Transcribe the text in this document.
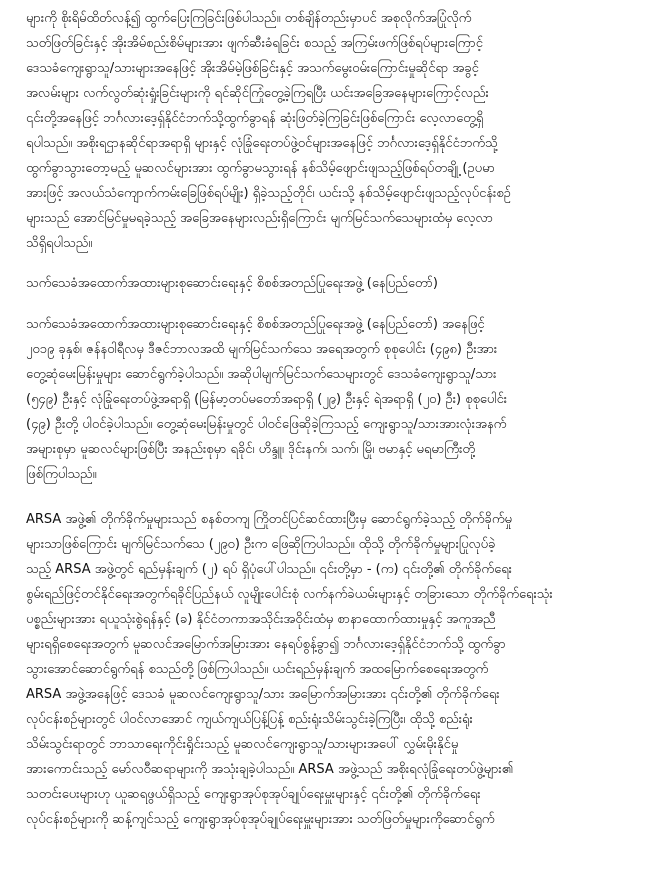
များကို စိုးရိမ်ထိတ်လန့်၍ ထွက်ပြေးကြခြင်းဖြစ်ပါသည်။ တစ်ချိန်တည်းမှာပင် အစုလိုက်အပြုံလိုက်
သတ်ဖြတ်ခြင်းနှင့် အိုးအိမ်စည်းစိမ်များအား ဖျက်ဆီးခံရခြင်း စသည့် အကြမ်းဖက်ဖြစ်ရပ်များကြောင့်
ဒေသခံကျေးရွာသူ/သားများအနေဖြင့် အိုးအိမ်မဲ့ဖြစ်ခြင်းနှင့် အသက်မွေးဝမ်းကြောင်းမှုဆိုင်ရာ အခွင့်
အလမ်းများ လက်လွတ်ဆုံးရှုံးခြင်းများကို ရင်ဆိုင်ကြုံတွေ့ခဲ့ကြရပြီး ယင်းအခြေအနေများကြောင့်လည်း
၎င်းတို့အနေဖြင့် ဘင်္ဂလားဒေ့ရှ်နိုင်ငံဘက်သို့ထွက်ခွာရန် ဆုံးဖြတ်ခဲ့ကြခြင်းဖြစ်ကြောင်း လေ့လာတွေ့ရှိ
ရပါသည်။ အစိုးရဌာနဆိုင်ရာအရာရှိ များနှင့် လုံခြုံရေးတပ်ဖွဲ့ဝင်များအနေဖြင့် ဘင်္ဂလားဒေ့ရှ်နိုင်ငံဘက်သို့
ထွက်ခွာသွားတော့မည့် မူဆလင်များအား ထွက်ခွာမသွားရန် နစ်သိမ့်ဖျောင်းဖျသည့်ဖြစ်ရပ်တချို့ (ဥပမာ
အားဖြင့် အလယ်သံကျောက်ကမ်းခြေဖြစ်ရပ်မျိုး) ရှိခဲ့သည့်တိုင်၊ ယင်းသို့ နစ်သိမ့်ဖျောင်းဖျသည့်လုပ်ငန်းစဉ်
များသည် အောင်မြင်မှုမရခဲ့သည့် အခြေအနေများလည်းရှိကြောင်း မျက်မြင်သက်သေများထံမှ လေ့လာ
သိရှိရပါသည်။

သက်သေခံအထောက်အထားများစုဆောင်းရေးနှင့် စိစစ်အတည်ပြုရေးအဖွဲ့ (နေပြည်တော်)

သက်သေခံအထောက်အထားများစုဆောင်းရေးနှင့် စိစစ်အတည်ပြုရေးအဖွဲ့ (နေပြည်တော်) အနေဖြင့်
၂၀၁၉ ခုနှစ်၊ ဇန်နဝါရီလမှ ဒီဇင်ဘာလအထိ မျက်မြင်သက်သေ အရေအတွက် စုစုပေါင်း (၄၉၈) ဦးအား
တွေ့ဆုံမေးမြန်းမှုများ ဆောင်ရွက်ခဲ့ပါသည်။ အဆိုပါမျက်မြင်သက်သေများတွင် ဒေသခံကျေးရွာသူ/သား
(၅၄၉) ဦးနှင့် လုံခြုံရေးတပ်ဖွဲ့အရာရှိ (မြန်မာ့တပ်မတော်အရာရှိ (၂၉) ဦးနှင့် ရဲအရာရှိ (၂၀) ဦး) စုစုပေါင်း
(၄၉) ဦးတို့ ပါဝင်ခဲ့ပါသည်။ တွေ့ဆုံမေးမြန်းမှုတွင် ပါဝင်ဖြေဆိုခဲ့ကြသည့် ကျေးရွာသူ/သားအားလုံးအနက်
အများစုမှာ မူဆလင်များဖြစ်ပြီး အနည်းစုမှာ ရခိုင်၊ ဟိန္ဒူ၊ ဒိုင်းနက်၊ သက်၊ မြို၊ ဗမာနှင့် မရမာကြီးတို့
ဖြစ်ကြပါသည်။

ARSA အဖွဲ့၏ တိုက်ခိုက်မှုများသည် စနစ်တကျ ကြိုတင်ပြင်ဆင်ထားပြီးမှ ဆောင်ရွက်ခဲ့သည့် တိုက်ခိုက်မှု
များသာဖြစ်ကြောင်း မျက်မြင်သက်သေ (၂၉၀) ဦးက ဖြေဆိုကြပါသည်။ ထိုသို့ တိုက်ခိုက်မှုများပြုလုပ်ခဲ့
သည့် ARSA အဖွဲ့တွင် ရည်မှန်းချက် (၂) ရပ် ရှိပုံပေါ်ပါသည်။ ၎င်းတို့မှာ - (က) ၎င်းတို့၏ တိုက်ခိုက်ရေး
စွမ်းရည်ဖြင့်တင်နိုင်ရေးအတွက်ရခိုင်ပြည်နယ် လူမျိုးပေါင်းစုံ လက်နက်ခဲယမ်းများနှင့် တခြားသော တိုက်ခိုက်ရေးသုံး
ပစ္စည်းများအား ရယူသုံးစွဲရန်နှင့် (ခ) နိုင်ငံတကာအသိုင်းအဝိုင်းထံမှ စာနာထောက်ထားမှုနှင့် အကူအညီ
များရရှိစေရေးအတွက် မူဆလင်အမြောက်အမြားအား နေရပ်စွန့်ခွာ၍ ဘင်္ဂလားဒေ့ရှ်နိုင်ငံဘက်သို့ ထွက်ခွာ
သွားအောင်ဆောင်ရွက်ရန် စသည်တို့ ဖြစ်ကြပါသည်။ ယင်းရည်မှန်းချက် အထမြောက်စေရေးအတွက်
ARSA အဖွဲ့အနေဖြင့် ဒေသခံ မူဆလင်ကျေးရွာသူ/သား အမြောက်အမြားအား ၎င်းတို့၏ တိုက်ခိုက်ရေး
လုပ်ငန်းစဉ်များတွင် ပါဝင်လာအောင် ကျယ်ကျယ်ပြန့်ပြန့် စည်းရုံးသိမ်းသွင်းခဲ့ကြပြီး၊ ထိုသို့ စည်းရုံး
သိမ်းသွင်းရာတွင် ဘာသာရေးကိုင်းရှိုင်းသည့် မူဆလင်ကျေးရွာသူ/သားများအပေါ် လွှမ်းမိုးနိုင်မှု
အားကောင်းသည့် မော်လဝီဆရာများကို အသုံးချခဲ့ပါသည်။ ARSA အဖွဲ့သည် အစိုးရလုံခြုံရေးတပ်ဖွဲ့များ၏
သတင်းပေးများဟု ယူဆရဖွယ်ရှိသည့် ကျေးရွာအုပ်စုအုပ်ချုပ်ရေးမှူးများနှင့် ၎င်းတို့၏ တိုက်ခိုက်ရေး
လုပ်ငန်းစဉ်များကို ဆန့်ကျင်သည့် ကျေးရွာအုပ်စုအုပ်ချုပ်ရေးမှူးများအား သတ်ဖြတ်မှုများကိုဆောင်ရွက်
